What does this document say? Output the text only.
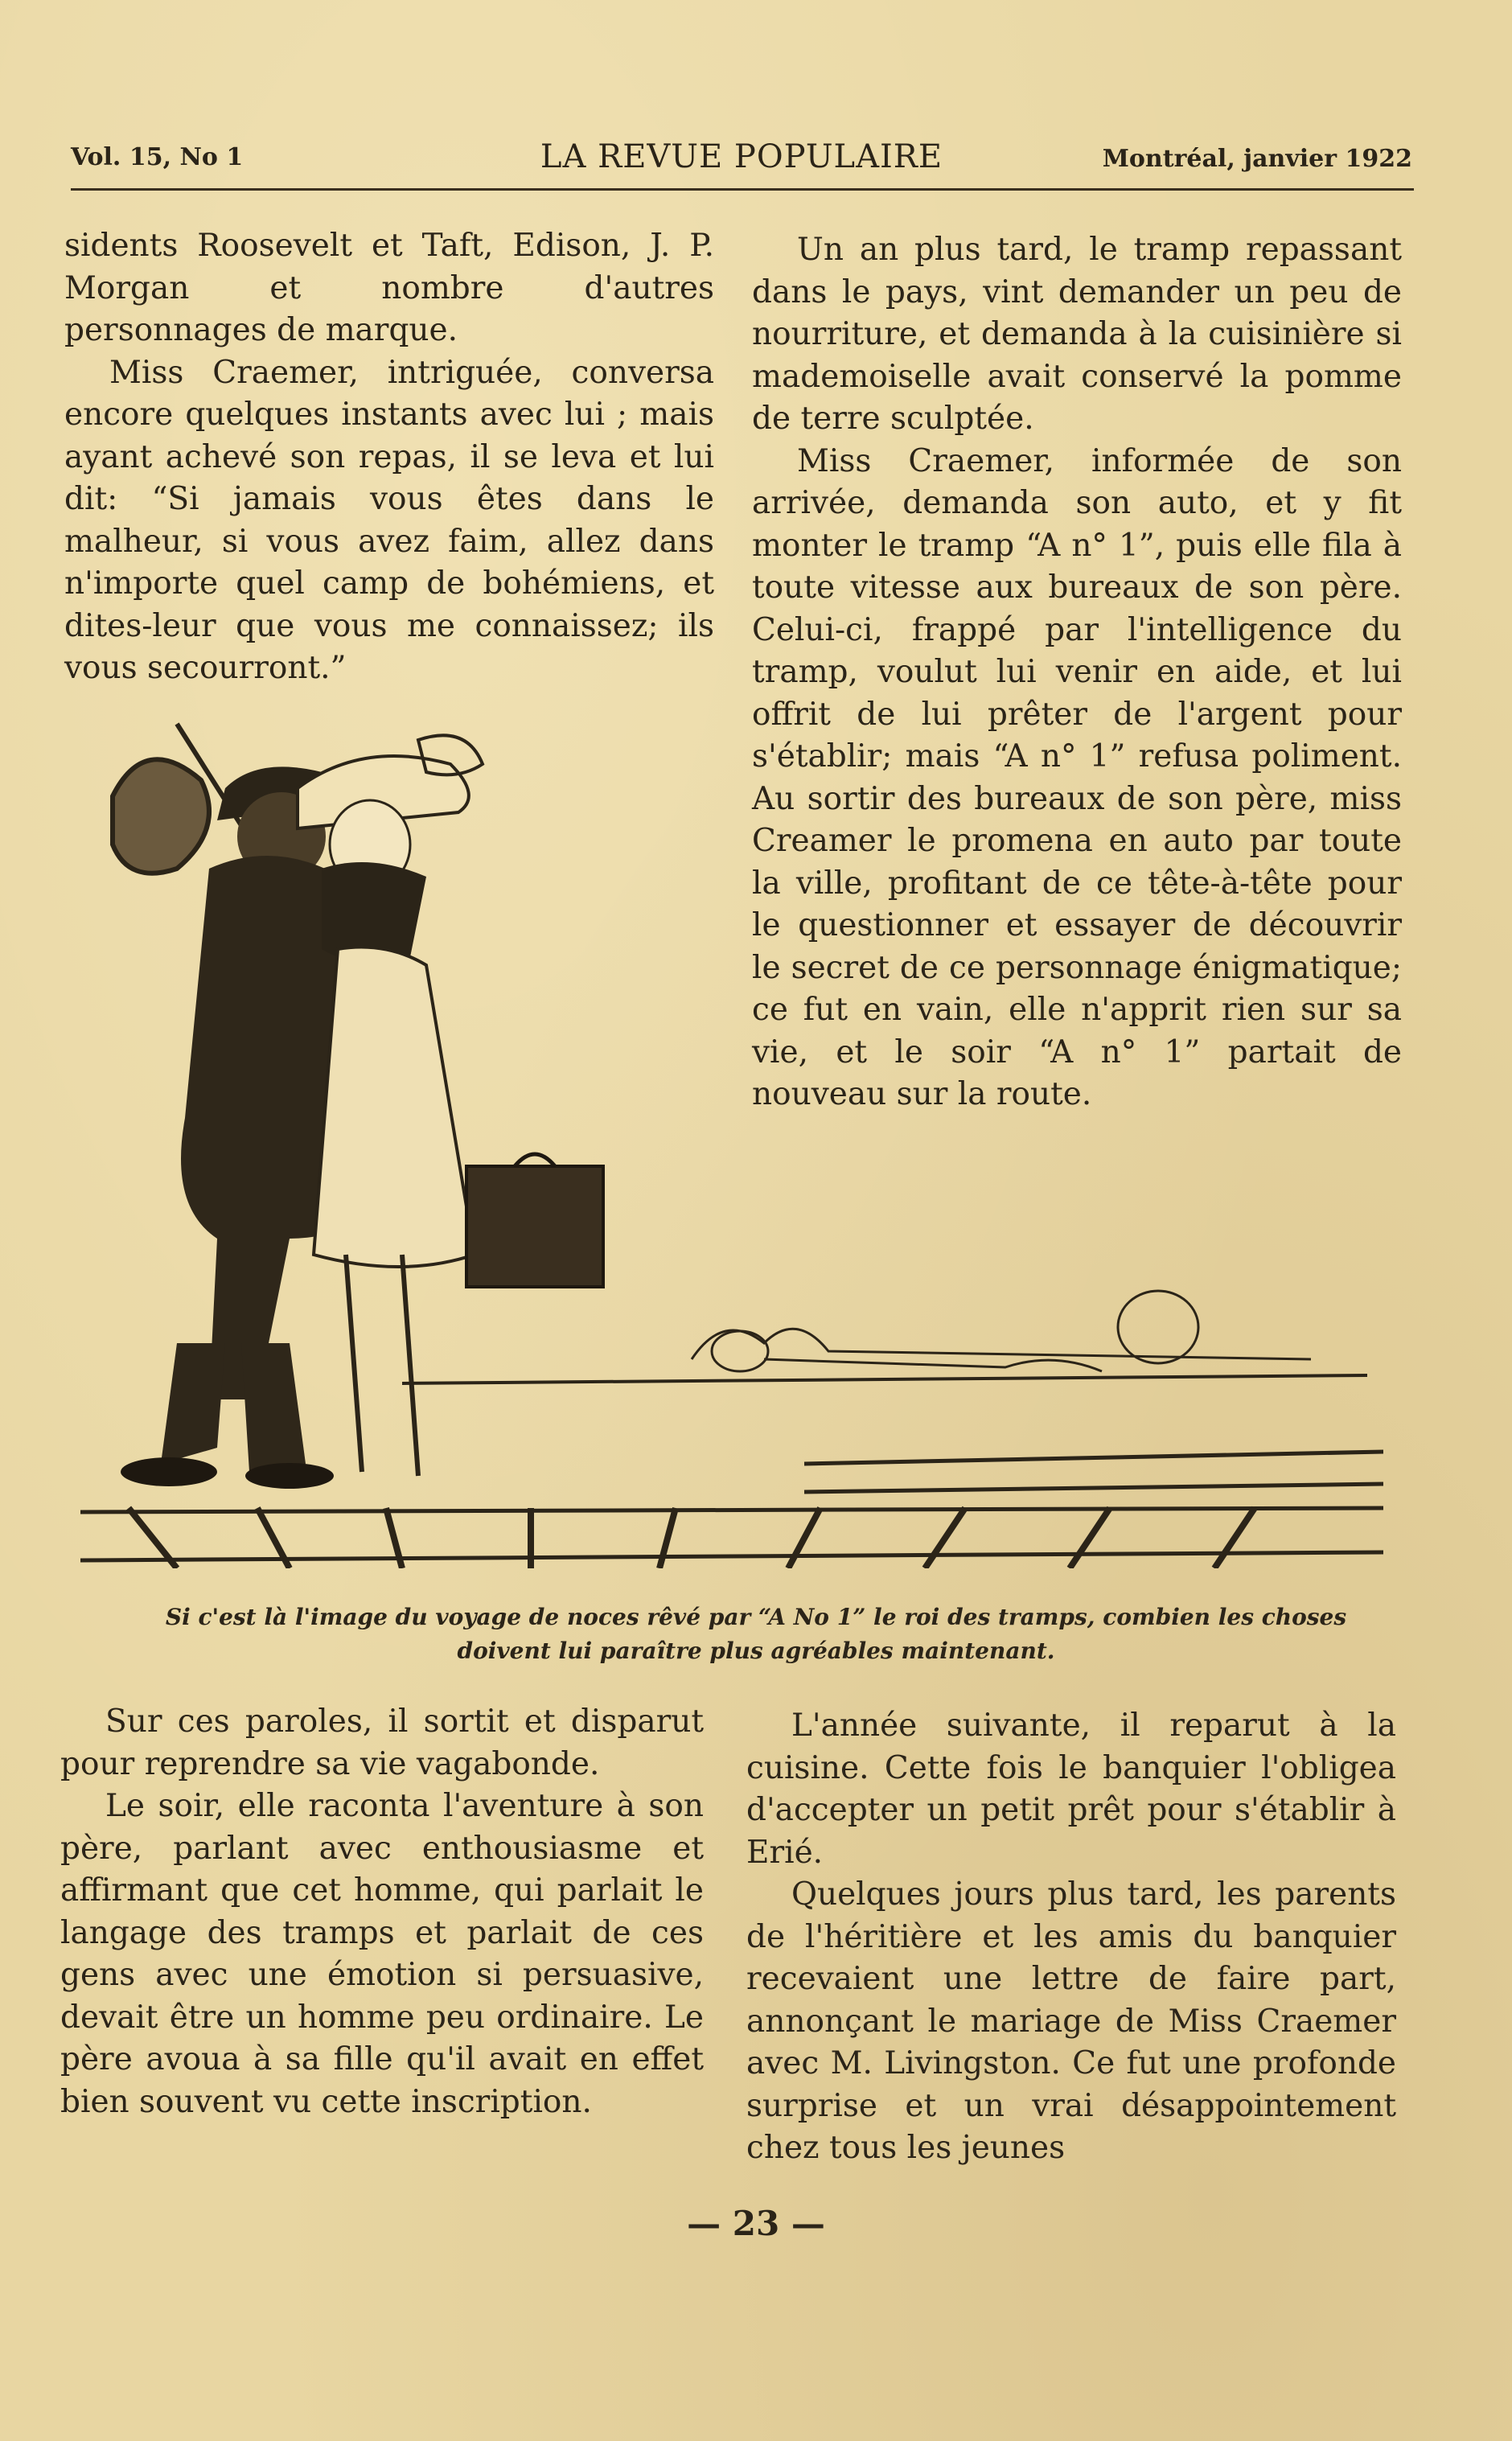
Vol. 15, No 1	LA REVUE POPULAIRE	Montréal, janvier 1922

sidents Roosevelt et Taft, Edison, J. P. Morgan et nombre d'autres personnages de marque.

Miss Craemer, intriguée, conversa encore quelques instants avec lui ; mais ayant achevé son repas, il se leva et lui dit: “Si jamais vous êtes dans le malheur, si vous avez faim, allez dans n'importe quel camp de bohémiens, et dites-leur que vous me connaissez; ils vous secourront.”

Un an plus tard, le tramp repassant dans le pays, vint demander un peu de nourriture, et demanda à la cuisinière si mademoiselle avait conservé la pomme de terre sculptée.

Miss Craemer, informée de son arrivée, demanda son auto, et y fit monter le tramp “A n° 1”, puis elle fila à toute vitesse aux bureaux de son père. Celui-ci, frappé par l'intelligence du tramp, voulut lui venir en aide, et lui offrit de lui prêter de l'argent pour s'établir; mais “A n° 1” refusa poliment. Au sortir des bureaux de son père, miss Creamer le promena en auto par toute la ville, profitant de ce tête-à-tête pour le questionner et essayer de découvrir le secret de ce personnage énigmatique; ce fut en vain, elle n'apprit rien sur sa vie, et le soir “A n° 1” partait de nouveau sur la route.

Si c'est là l'image du voyage de noces rêvé par “A No 1” le roi des tramps, combien les choses
doivent lui paraître plus agréables maintenant.

Sur ces paroles, il sortit et disparut pour reprendre sa vie vagabonde.

Le soir, elle raconta l'aventure à son père, parlant avec enthousiasme et affirmant que cet homme, qui parlait le langage des tramps et parlait de ces gens avec une émotion si persuasive, devait être un homme peu ordinaire. Le père avoua à sa fille qu'il avait en effet bien souvent vu cette inscription.

L'année suivante, il reparut à la cuisine. Cette fois le banquier l'obligea d'accepter un petit prêt pour s'établir à Erié.

Quelques jours plus tard, les parents de l'héritière et les amis du banquier recevaient une lettre de faire part, annonçant le mariage de Miss Craemer avec M. Livingston. Ce fut une profonde surprise et un vrai désappointement chez tous les jeunes

— 23 —
